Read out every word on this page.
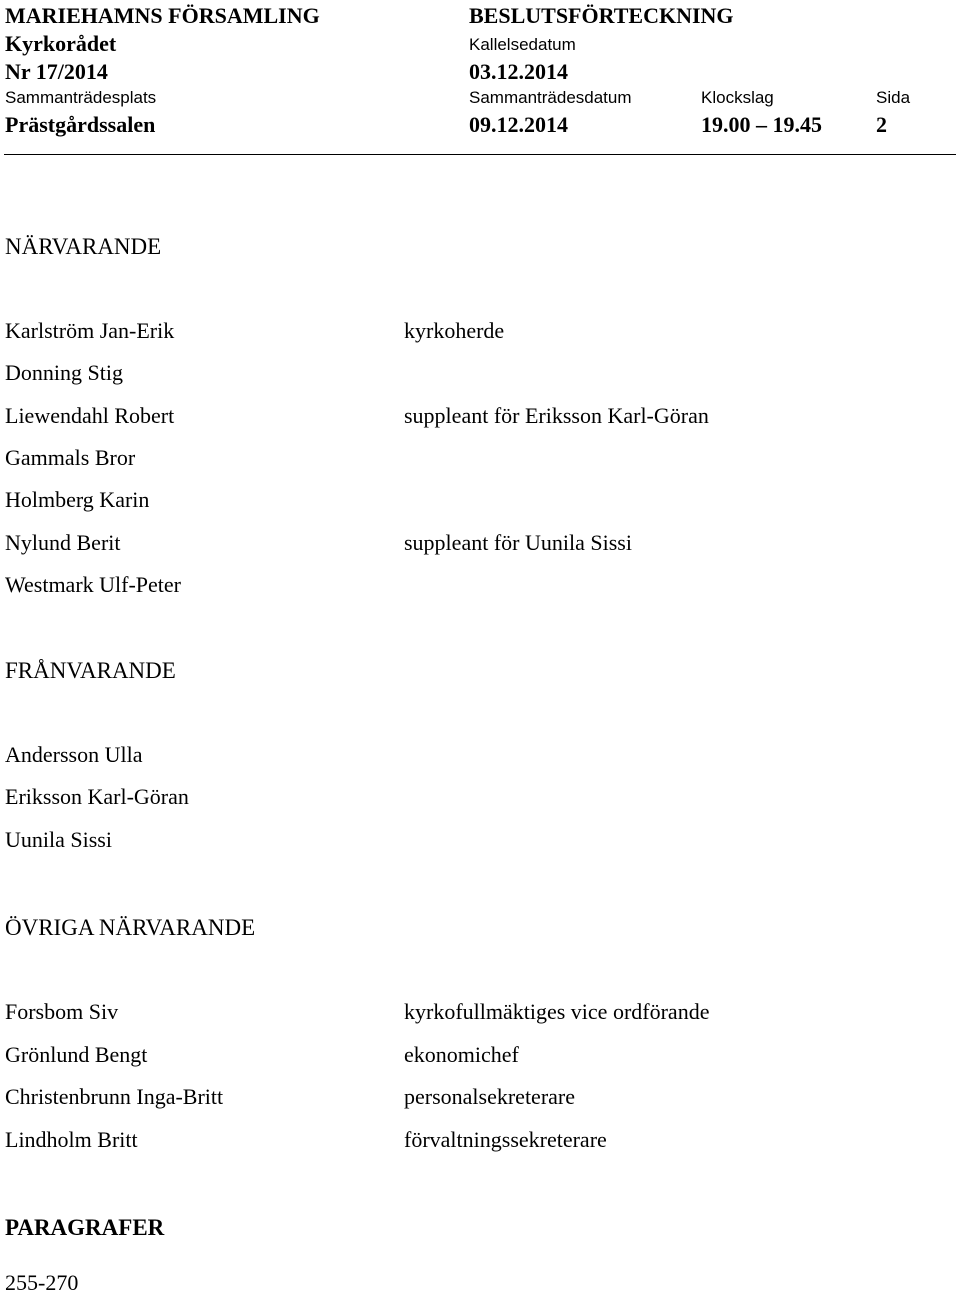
MARIEHAMNS FÖRSAMLING	BESLUTSFÖRTECKNING
Kyrkorådet	Kallelsedatum
Nr 17/2014	03.12.2014
Sammanträdesplats	Sammanträdesdatum	Klockslag	Sida
Prästgårdssalen	09.12.2014	19.00 – 19.45 2
NÄRVARANDE
Karlström Jan-Erik	kyrkoherde
Donning Stig
Liewendahl Robert	suppleant för Eriksson Karl-Göran
Gammals Bror
Holmberg Karin
Nylund Berit	suppleant för Uunila Sissi
Westmark Ulf-Peter
FRÅNVARANDE
Andersson Ulla
Eriksson Karl-Göran
Uunila Sissi
ÖVRIGA NÄRVARANDE
Forsbom Siv	kyrkofullmäktiges vice ordförande
Grönlund Bengt	ekonomichef
Christenbrunn Inga-Britt	personalsekreterare
Lindholm Britt	förvaltningssekreterare
PARAGRAFER
255-270
